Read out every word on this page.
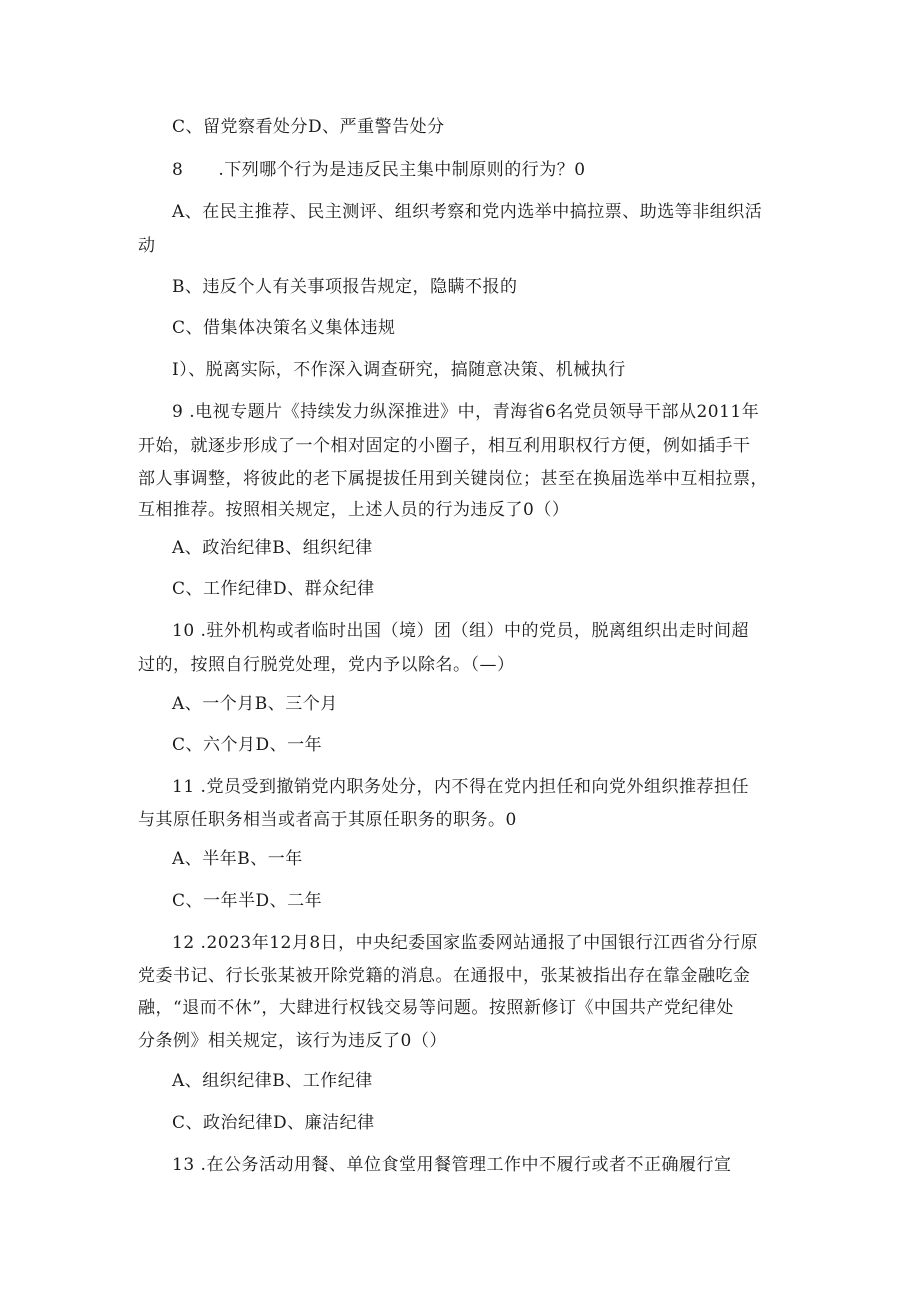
C、留党察看处分D、严重警告处分
8　　.下列哪个行为是违反民主集中制原则的行为？0
A、在民主推荐、民主测评、组织考察和党内选举中搞拉票、助选等非组织活
动
B、违反个人有关事项报告规定，隐瞒不报的
C、借集体决策名义集体违规
I）、脱离实际，不作深入调查研究，搞随意决策、机械执行
9 .电视专题片《持续发力纵深推进》中，青海省6名党员领导干部从2011年
开始，就逐步形成了一个相对固定的小圈子，相互利用职权行方便，例如插手干
部人事调整，将彼此的老下属提拔任用到关键岗位；甚至在换届选举中互相拉票，
互相推荐。按照相关规定，上述人员的行为违反了0（）
A、政治纪律B、组织纪律
C、工作纪律D、群众纪律
10 .驻外机构或者临时出国（境）团（组）中的党员，脱离组织出走时间超
过的，按照自行脱党处理，党内予以除名。（—）
A、一个月B、三个月
C、六个月D、一年
11 .党员受到撤销党内职务处分，内不得在党内担任和向党外组织推荐担任
与其原任职务相当或者高于其原任职务的职务。0
A、半年B、一年
C、一年半D、二年
12 .2023年12月8日，中央纪委国家监委网站通报了中国银行江西省分行原
党委书记、行长张某被开除党籍的消息。在通报中，张某被指出存在靠金融吃金
融，“退而不休”，大肆进行权钱交易等问题。按照新修订《中国共产党纪律处
分条例》相关规定，该行为违反了0（）
A、组织纪律B、工作纪律
C、政治纪律D、廉洁纪律
13 .在公务活动用餐、单位食堂用餐管理工作中不履行或者不正确履行宣
